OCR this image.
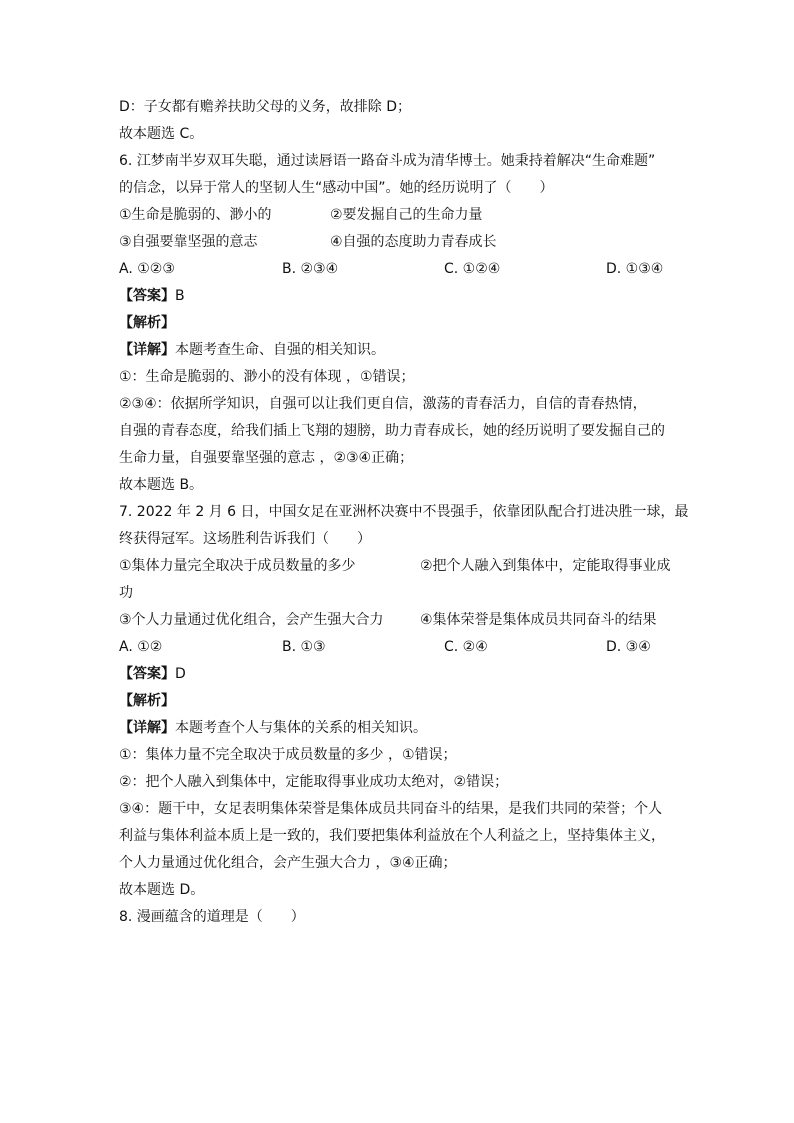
D：子女都有赡养扶助父母的义务，故排除 D；
故本题选 C。
6. 江梦南半岁双耳失聪，通过读唇语一路奋斗成为清华博士。她秉持着解决“生命难题”
的信念，以异于常人的坚韧人生“感动中国”。她的经历说明了（　　）
①生命是脆弱的、渺小的	②要发掘自己的生命力量
③自强要靠坚强的意志	④自强的态度助力青春成长
A. ①②③	B. ②③④	C. ①②④	D. ①③④
【答案】B
【解析】
【详解】本题考查生命、自强的相关知识。
①：生命是脆弱的、渺小的没有体现 ，①错误；
②③④：依据所学知识，自强可以让我们更自信，激荡的青春活力，自信的青春热情，
自强的青春态度，给我们插上飞翔的翅膀，助力青春成长，她的经历说明了要发掘自己的
生命力量，自强要靠坚强的意志 ，②③④正确；
故本题选 B。
7. 2022 年 2 月 6 日，中国女足在亚洲杯决赛中不畏强手，依靠团队配合打进决胜一球，最
终获得冠军。这场胜利告诉我们（　　）
①集体力量完全取决于成员数量的多少	②把个人融入到集体中，定能取得事业成
功
③个人力量通过优化组合，会产生强大合力	④集体荣誉是集体成员共同奋斗的结果
A. ①②	B. ①③	C. ②④	D. ③④
【答案】D
【解析】
【详解】本题考查个人与集体的关系的相关知识。
①：集体力量不完全取决于成员数量的多少 ，①错误；
②：把个人融入到集体中，定能取得事业成功太绝对，②错误；
③④：题干中，女足表明集体荣誉是集体成员共同奋斗的结果，是我们共同的荣誉；个人
利益与集体利益本质上是一致的，我们要把集体利益放在个人利益之上，坚持集体主义，
个人力量通过优化组合，会产生强大合力 ，③④正确；
故本题选 D。
8. 漫画蕴含的道理是（　　）
